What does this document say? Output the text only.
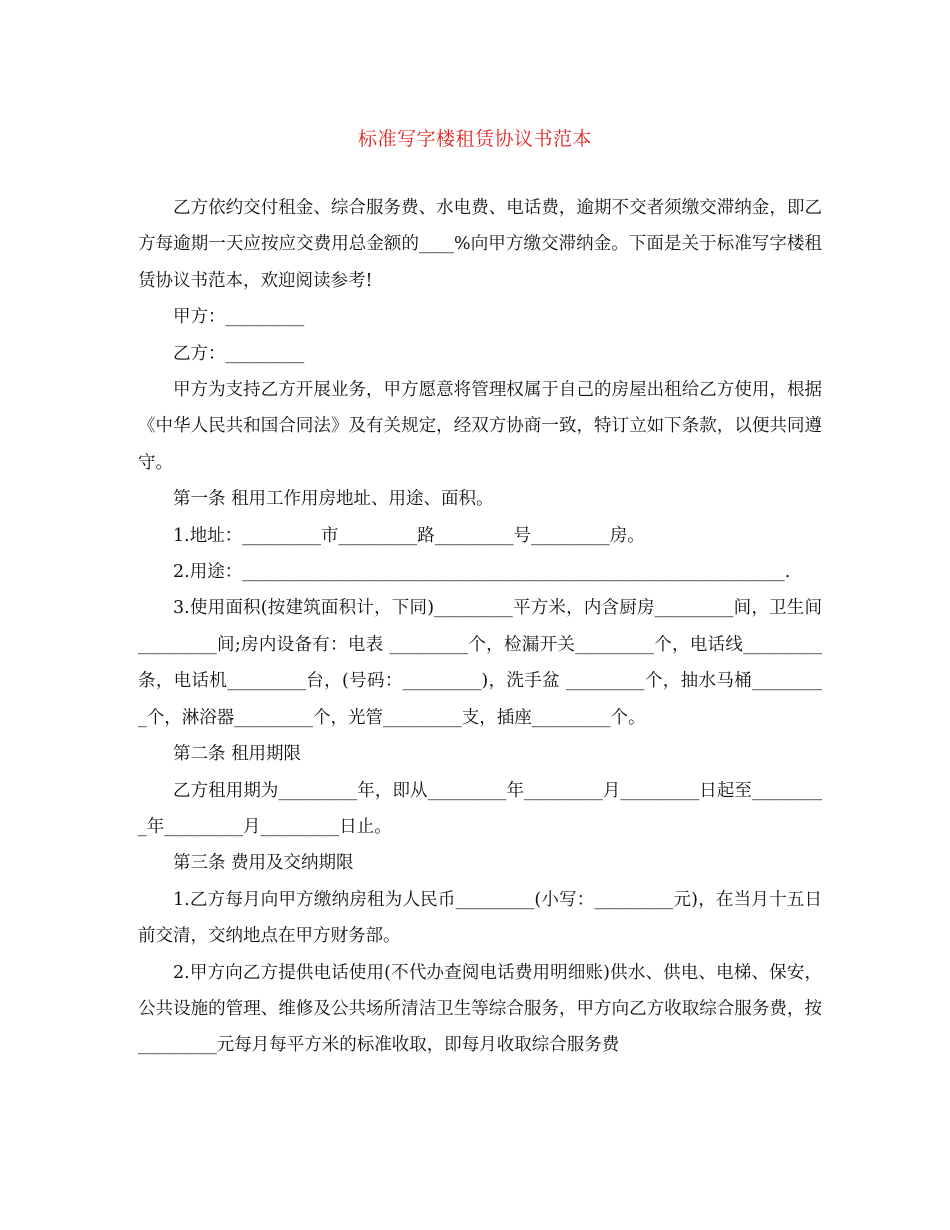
标准写字楼租赁协议书范本

乙方依约交付租金、综合服务费、水电费、电话费，逾期不交者须缴交滞纳金，即乙方每逾期一天应按应交费用总金额的____%向甲方缴交滞纳金。下面是关于标准写字楼租赁协议书范本，欢迎阅读参考!

甲方：_________

乙方：_________

甲方为支持乙方开展业务，甲方愿意将管理权属于自己的房屋出租给乙方使用，根据《中华人民共和国合同法》及有关规定，经双方协商一致，特订立如下条款，以便共同遵守。

第一条 租用工作用房地址、用途、面积。

1.地址：_________市_________路_________号_________房。

2.用途：______________________________________________________________.

3.使用面积(按建筑面积计，下同)_________平方米，内含厨房_________间，卫生间_________间;房内设备有：电表 _________个，检漏开关_________个，电话线_________条，电话机_________台，(号码：_________)，洗手盆 _________个，抽水马桶_________个，淋浴器_________个，光管_________支，插座_________个。

第二条 租用期限

乙方租用期为_________年，即从_________年_________月_________日起至_________年_________月_________日止。

第三条 费用及交纳期限

1.乙方每月向甲方缴纳房租为人民币_________(小写：_________元)，在当月十五日前交清，交纳地点在甲方财务部。

2.甲方向乙方提供电话使用(不代办查阅电话费用明细账)供水、供电、电梯、保安，公共设施的管理、维修及公共场所清洁卫生等综合服务，甲方向乙方收取综合服务费，按_________元每月每平方米的标准收取，即每月收取综合服务费
